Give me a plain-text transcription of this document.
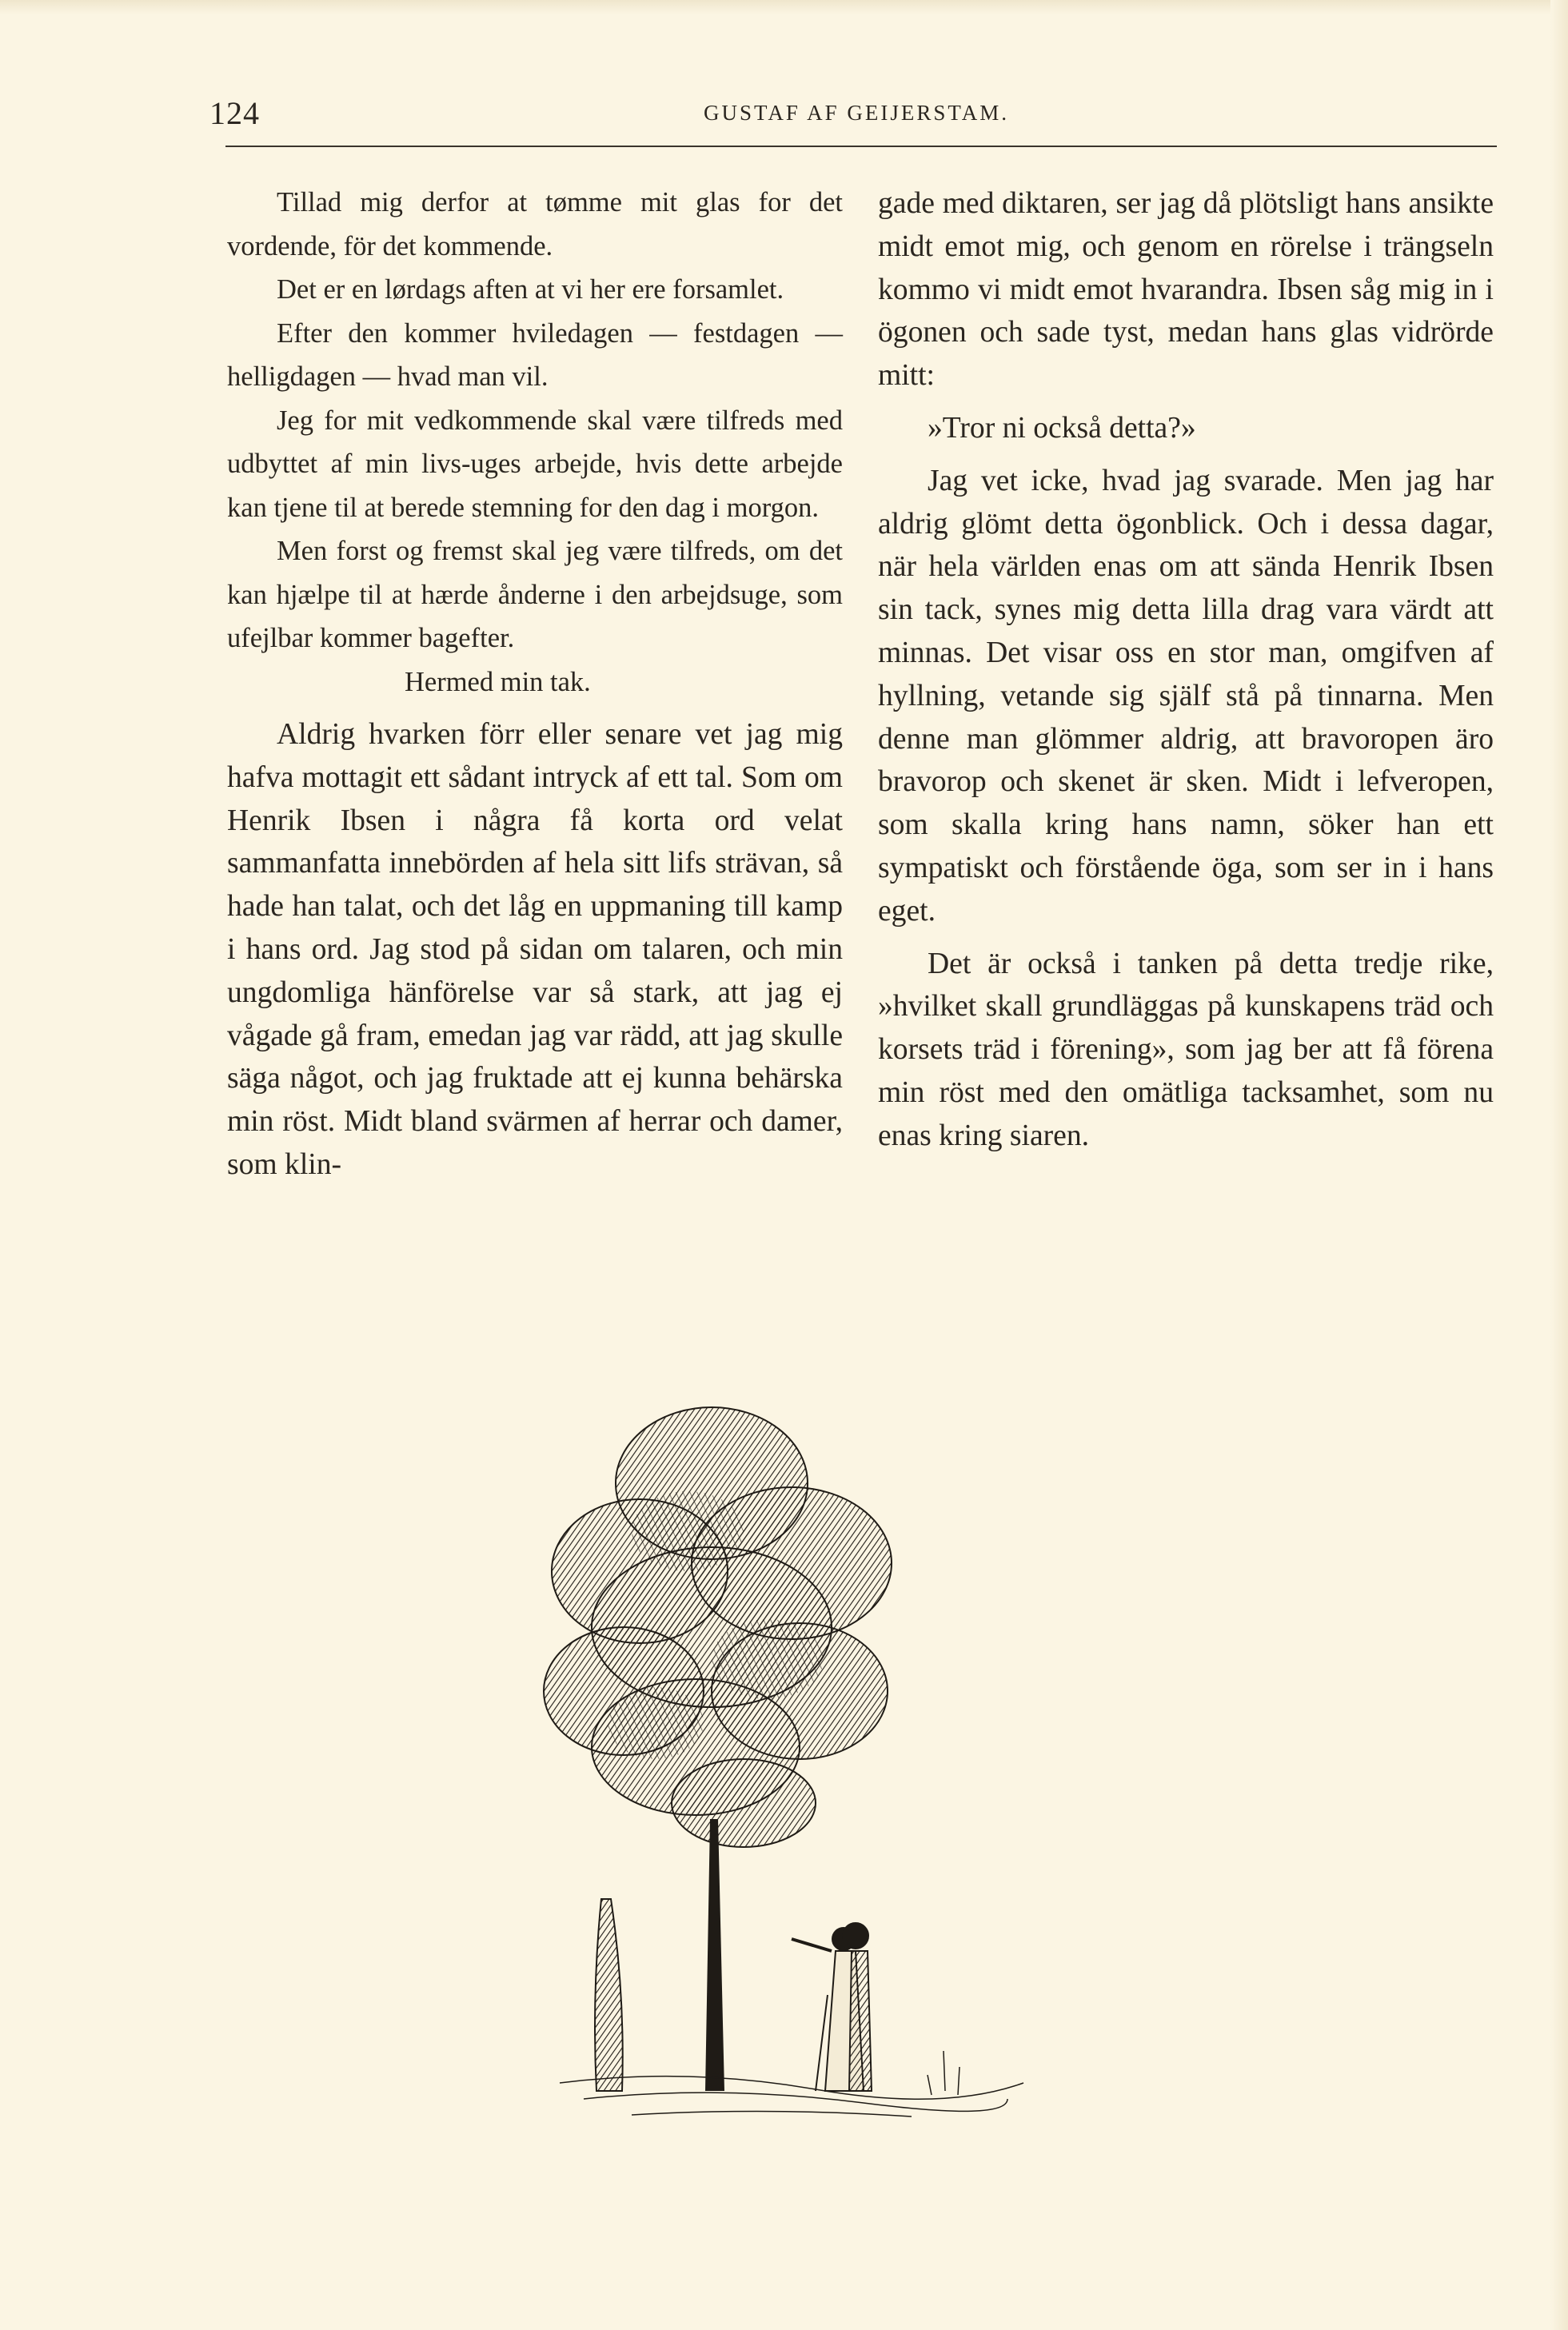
124	GUSTAF AF GEIJERSTAM.

Tillad mig derfor at tømme mit glas for det vordende, för det kommende.

Det er en lørdags aften at vi her ere forsamlet.

Efter den kommer hviledagen — festdagen — helligdagen — hvad man vil.

Jeg for mit vedkommende skal være tilfreds med udbyttet af min livs-uges arbejde, hvis dette arbejde kan tjene til at berede stemning for den dag i morgon.

Men forst og fremst skal jeg være tilfreds, om det kan hjælpe til at hærde ånderne i den arbejdsuge, som ufejlbar kommer bagefter.

Hermed min tak.

Aldrig hvarken förr eller senare vet jag mig hafva mottagit ett sådant intryck af ett tal. Som om Henrik Ibsen i några få korta ord velat sammanfatta innebörden af hela sitt lifs strävan, så hade han talat, och det låg en uppmaning till kamp i hans ord. Jag stod på sidan om talaren, och min ungdomliga hänförelse var så stark, att jag ej vågade gå fram, emedan jag var rädd, att jag skulle säga något, och jag fruktade att ej kunna behärska min röst. Midt bland svärmen af herrar och damer, som klin-

gade med diktaren, ser jag då plötsligt hans ansikte midt emot mig, och genom en rörelse i trängseln kommo vi midt emot hvarandra. Ibsen såg mig in i ögonen och sade tyst, medan hans glas vidrörde mitt:

»Tror ni också detta?»

Jag vet icke, hvad jag svarade. Men jag har aldrig glömt detta ögonblick. Och i dessa dagar, när hela världen enas om att sända Henrik Ibsen sin tack, synes mig detta lilla drag vara värdt att minnas. Det visar oss en stor man, omgifven af hyllning, vetande sig själf stå på tinnarna. Men denne man glömmer aldrig, att bravoropen äro bravorop och skenet är sken. Midt i lefveropen, som skalla kring hans namn, söker han ett sympatiskt och förstående öga, som ser in i hans eget.

Det är också i tanken på detta tredje rike, »hvilket skall grundläggas på kunskapens träd och korsets träd i förening», som jag ber att få förena min röst med den omätliga tacksamhet, som nu enas kring siaren.
